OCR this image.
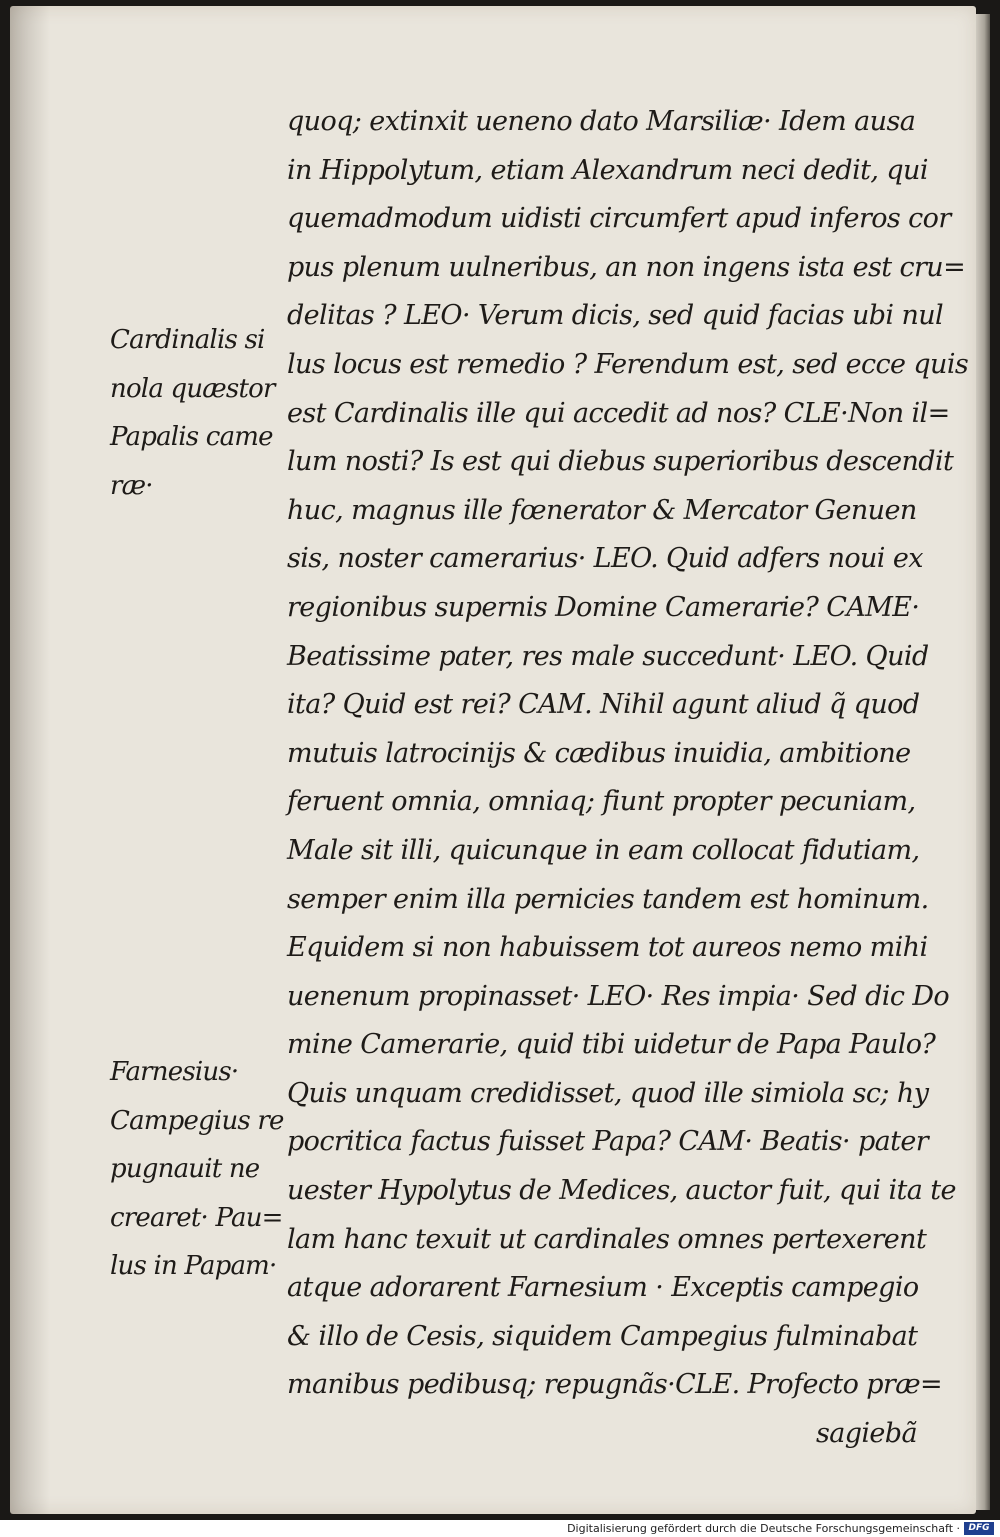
quoq; extinxit ueneno dato Marsiliæ· Idem ausa
in Hippolytum, etiam Alexandrum neci dedit, qui
quemadmodum uidisti circumfert apud inferos cor
pus plenum uulneribus, an non ingens ista est cru=
delitas ? LEO· Verum dicis, sed quid facias ubi nul
lus locus est remedio ? Ferendum est, sed ecce quis
est Cardinalis ille qui accedit ad nos? CLE·Non il=
lum nosti? Is est qui diebus superioribus descendit
huc, magnus ille fœnerator & Mercator Genuen
sis, noster camerarius· LEO. Quid adfers noui ex
regionibus supernis Domine Camerarie? CAME·
Beatissime pater, res male succedunt· LEO. Quid
ita? Quid est rei? CAM. Nihil agunt aliud q̃ quod
mutuis latrocinijs & cædibus inuidia, ambitione
feruent omnia, omniaq; fiunt propter pecuniam,
Male sit illi, quicunque in eam collocat fidutiam,
semper enim illa pernicies tandem est hominum.
Equidem si non habuissem tot aureos nemo mihi
uenenum propinasset· LEO· Res impia· Sed dic Do
mine Camerarie, quid tibi uidetur de Papa Paulo?
Quis unquam credidisset, quod ille simiola sc; hy
pocritica factus fuisset Papa? CAM· Beatis· pater
uester Hypolytus de Medices, auctor fuit, qui ita te
lam hanc texuit ut cardinales omnes pertexerent
atque adorarent Farnesium · Exceptis campegio
& illo de Cesis, siquidem Campegius fulminabat
manibus pedibusq; repugnãs·CLE. Profecto præ=
sagiebã
Cardinalis si
nola quæstor
Papalis came
ræ·
Farnesius·
Campegius re
pugnauit ne
crearet· Pau=
lus in Papam·
Digitalisierung gefördert durch die Deutsche Forschungsgemeinschaft · DFG
